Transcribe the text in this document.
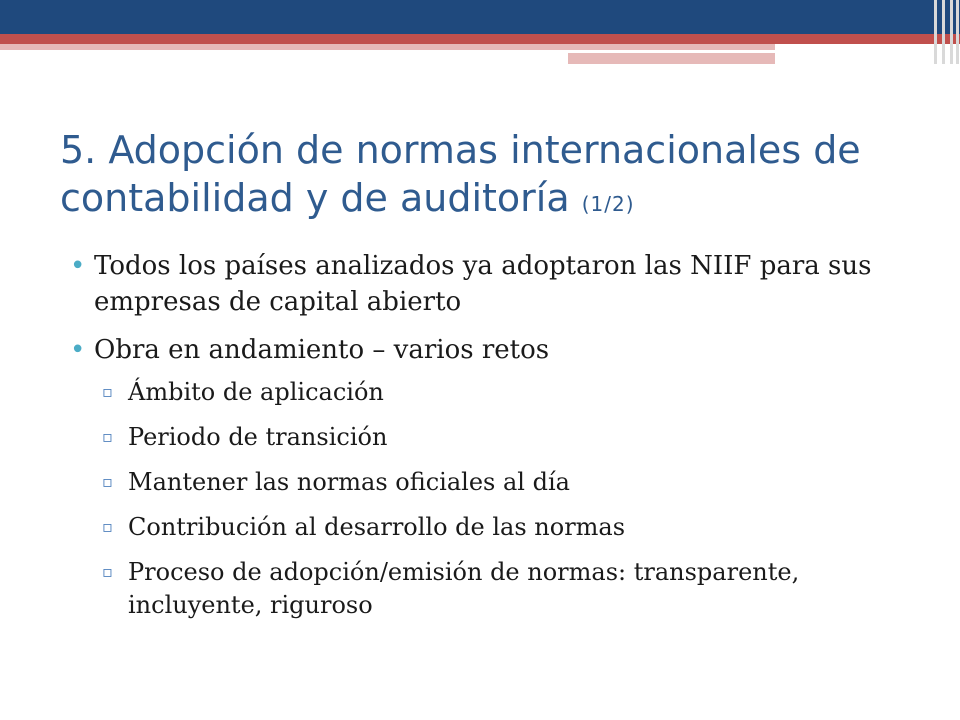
5. Adopción de normas internacionales de contabilidad y de auditoría (1/2)
• Todos los países analizados ya adoptaron las NIIF para sus empresas de capital abierto
• Obra en andamiento – varios retos
▫ Ámbito de aplicación
▫ Periodo de transición
▫ Mantener las normas oficiales al día
▫ Contribución al desarrollo de las normas
▫ Proceso de adopción/emisión de normas: transparente, incluyente, riguroso
